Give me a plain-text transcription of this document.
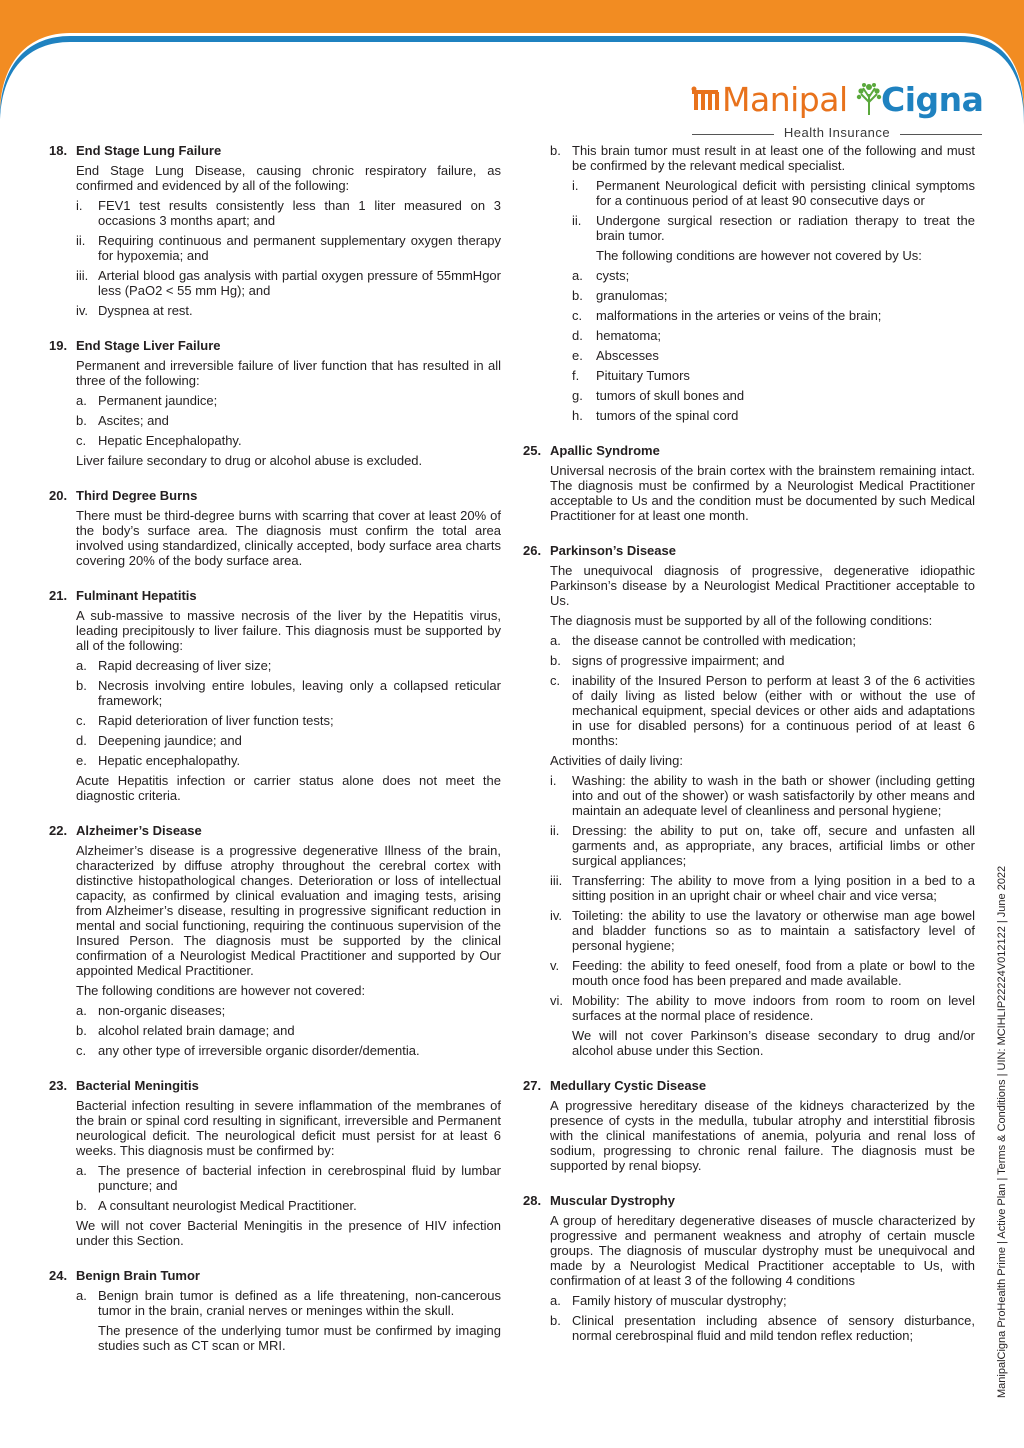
Manipal Cigna
Health Insurance
18. End Stage Lung Failure
End Stage Lung Disease, causing chronic respiratory failure, as confirmed and evidenced by all of the following:
i. FEV1 test results consistently less than 1 liter measured on 3 occasions 3 months apart; and
ii. Requiring continuous and permanent supplementary oxygen therapy for hypoxemia; and
iii. Arterial blood gas analysis with partial oxygen pressure of 55mmHgor less (PaO2 < 55 mm Hg); and
iv. Dyspnea at rest.
19. End Stage Liver Failure
Permanent and irreversible failure of liver function that has resulted in all three of the following:
a. Permanent jaundice;
b. Ascites; and
c. Hepatic Encephalopathy.
Liver failure secondary to drug or alcohol abuse is excluded.
20. Third Degree Burns
There must be third-degree burns with scarring that cover at least 20% of the body’s surface area. The diagnosis must confirm the total area involved using standardized, clinically accepted, body surface area charts covering 20% of the body surface area.
21. Fulminant Hepatitis
A sub-massive to massive necrosis of the liver by the Hepatitis virus, leading precipitously to liver failure. This diagnosis must be supported by all of the following:
a. Rapid decreasing of liver size;
b. Necrosis involving entire lobules, leaving only a collapsed reticular framework;
c. Rapid deterioration of liver function tests;
d. Deepening jaundice; and
e. Hepatic encephalopathy.
Acute Hepatitis infection or carrier status alone does not meet the diagnostic criteria.
22. Alzheimer’s Disease
Alzheimer’s disease is a progressive degenerative Illness of the brain, characterized by diffuse atrophy throughout the cerebral cortex with distinctive histopathological changes. Deterioration or loss of intellectual capacity, as confirmed by clinical evaluation and imaging tests, arising from Alzheimer’s disease, resulting in progressive significant reduction in mental and social functioning, requiring the continuous supervision of the Insured Person. The diagnosis must be supported by the clinical confirmation of a Neurologist Medical Practitioner and supported by Our appointed Medical Practitioner.
The following conditions are however not covered:
a. non-organic diseases;
b. alcohol related brain damage; and
c. any other type of irreversible organic disorder/dementia.
23. Bacterial Meningitis
Bacterial infection resulting in severe inflammation of the membranes of the brain or spinal cord resulting in significant, irreversible and Permanent neurological deficit. The neurological deficit must persist for at least 6 weeks. This diagnosis must be confirmed by:
a. The presence of bacterial infection in cerebrospinal fluid by lumbar puncture; and
b. A consultant neurologist Medical Practitioner.
We will not cover Bacterial Meningitis in the presence of HIV infection under this Section.
24. Benign Brain Tumor
a. Benign brain tumor is defined as a life threatening, non-cancerous tumor in the brain, cranial nerves or meninges within the skull.
The presence of the underlying tumor must be confirmed by imaging studies such as CT scan or MRI.
b. This brain tumor must result in at least one of the following and must be confirmed by the relevant medical specialist.
i. Permanent Neurological deficit with persisting clinical symptoms for a continuous period of at least 90 consecutive days or
ii. Undergone surgical resection or radiation therapy to treat the brain tumor.
The following conditions are however not covered by Us:
a. cysts;
b. granulomas;
c. malformations in the arteries or veins of the brain;
d. hematoma;
e. Abscesses
f. Pituitary Tumors
g. tumors of skull bones and
h. tumors of the spinal cord
25. Apallic Syndrome
Universal necrosis of the brain cortex with the brainstem remaining intact. The diagnosis must be confirmed by a Neurologist Medical Practitioner acceptable to Us and the condition must be documented by such Medical Practitioner for at least one month.
26. Parkinson’s Disease
The unequivocal diagnosis of progressive, degenerative idiopathic Parkinson’s disease by a Neurologist Medical Practitioner acceptable to Us.
The diagnosis must be supported by all of the following conditions:
a. the disease cannot be controlled with medication;
b. signs of progressive impairment; and
c. inability of the Insured Person to perform at least 3 of the 6 activities of daily living as listed below (either with or without the use of mechanical equipment, special devices or other aids and adaptations in use for disabled persons) for a continuous period of at least 6 months:
Activities of daily living:
i. Washing: the ability to wash in the bath or shower (including getting into and out of the shower) or wash satisfactorily by other means and maintain an adequate level of cleanliness and personal hygiene;
ii. Dressing: the ability to put on, take off, secure and unfasten all garments and, as appropriate, any braces, artificial limbs or other surgical appliances;
iii. Transferring: The ability to move from a lying position in a bed to a sitting position in an upright chair or wheel chair and vice versa;
iv. Toileting: the ability to use the lavatory or otherwise man age bowel and bladder functions so as to maintain a satisfactory level of personal hygiene;
v. Feeding: the ability to feed oneself, food from a plate or bowl to the mouth once food has been prepared and made available.
vi. Mobility: The ability to move indoors from room to room on level surfaces at the normal place of residence.
We will not cover Parkinson’s disease secondary to drug and/or alcohol abuse under this Section.
27. Medullary Cystic Disease
A progressive hereditary disease of the kidneys characterized by the presence of cysts in the medulla, tubular atrophy and interstitial fibrosis with the clinical manifestations of anemia, polyuria and renal loss of sodium, progressing to chronic renal failure. The diagnosis must be supported by renal biopsy.
28. Muscular Dystrophy
A group of hereditary degenerative diseases of muscle characterized by progressive and permanent weakness and atrophy of certain muscle groups. The diagnosis of muscular dystrophy must be unequivocal and made by a Neurologist Medical Practitioner acceptable to Us, with confirmation of at least 3 of the following 4 conditions
a. Family history of muscular dystrophy;
b. Clinical presentation including absence of sensory disturbance, normal cerebrospinal fluid and mild tendon reflex reduction;	ManipalCigna ProHealth Prime | Active Plan | Terms & Conditions | UIN: MCIHLIP22224V012122 | June 2022
